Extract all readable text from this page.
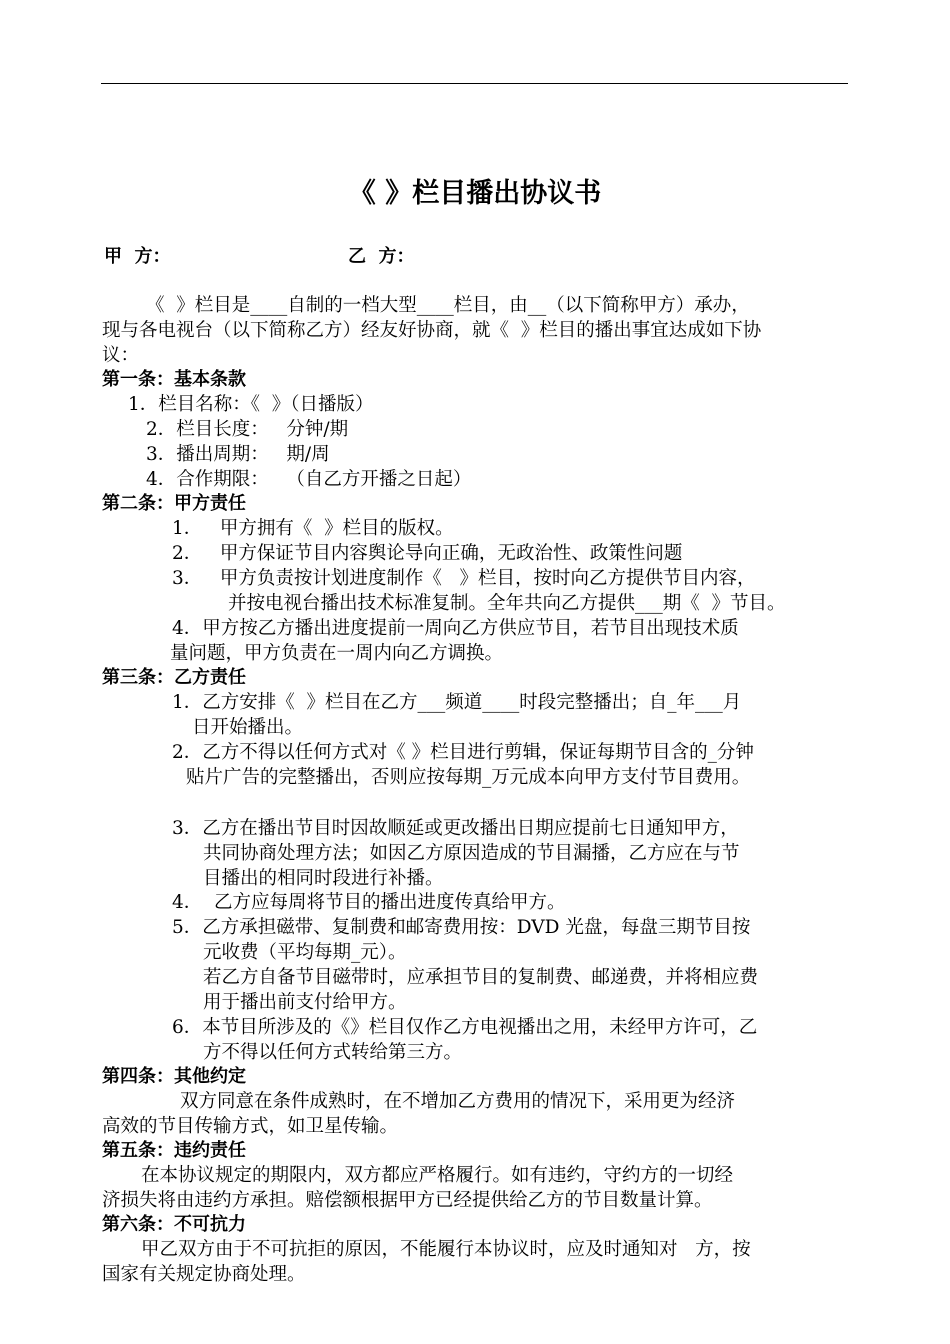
《 》栏目播出协议书
甲  方：	乙  方：
《  》栏目是____自制的一档大型____栏目，由__（以下简称甲方）承办，
现与各电视台（以下简称乙方）经友好协商，就《  》栏目的播出事宜达成如下协
议：
第一条：基本条款
1．栏目名称：《  》（日播版）
2．栏目长度：   分钟/期
3．播出周期：   期/周
4．合作期限：   （自乙方开播之日起）
第二条：甲方责任
1．   甲方拥有《  》栏目的版权。
2．   甲方保证节目内容舆论导向正确，无政治性、政策性问题
3．   甲方负责按计划进度制作《   》栏目，按时向乙方提供节目内容，
并按电视台播出技术标准复制。全年共向乙方提供___期《  》节目。
4．甲方按乙方播出进度提前一周向乙方供应节目，若节目出现技术质
量问题，甲方负责在一周内向乙方调换。
第三条：乙方责任
1．乙方安排《  》栏目在乙方___频道____时段完整播出；自_年___月
日开始播出。
2．乙方不得以任何方式对《 》栏目进行剪辑，保证每期节目含的_分钟
贴片广告的完整播出，否则应按每期_万元成本向甲方支付节目费用。
3．乙方在播出节目时因故顺延或更改播出日期应提前七日通知甲方，
共同协商处理方法；如因乙方原因造成的节目漏播，乙方应在与节
目播出的相同时段进行补播。
4．  乙方应每周将节目的播出进度传真给甲方。
5．乙方承担磁带、复制费和邮寄费用按：DVD 光盘，每盘三期节目按
元收费（平均每期_元）。
若乙方自备节目磁带时，应承担节目的复制费、邮递费，并将相应费
用于播出前支付给甲方。
6．本节目所涉及的《》栏目仅作乙方电视播出之用，未经甲方许可，乙
方不得以任何方式转给第三方。
第四条：其他约定
双方同意在条件成熟时，在不增加乙方费用的情况下，采用更为经济
高效的节目传输方式，如卫星传输。
第五条：违约责任
在本协议规定的期限内，双方都应严格履行。如有违约，守约方的一切经
济损失将由违约方承担。赔偿额根据甲方已经提供给乙方的节目数量计算。
第六条：不可抗力
甲乙双方由于不可抗拒的原因，不能履行本协议时，应及时通知对   方，按
国家有关规定协商处理。
